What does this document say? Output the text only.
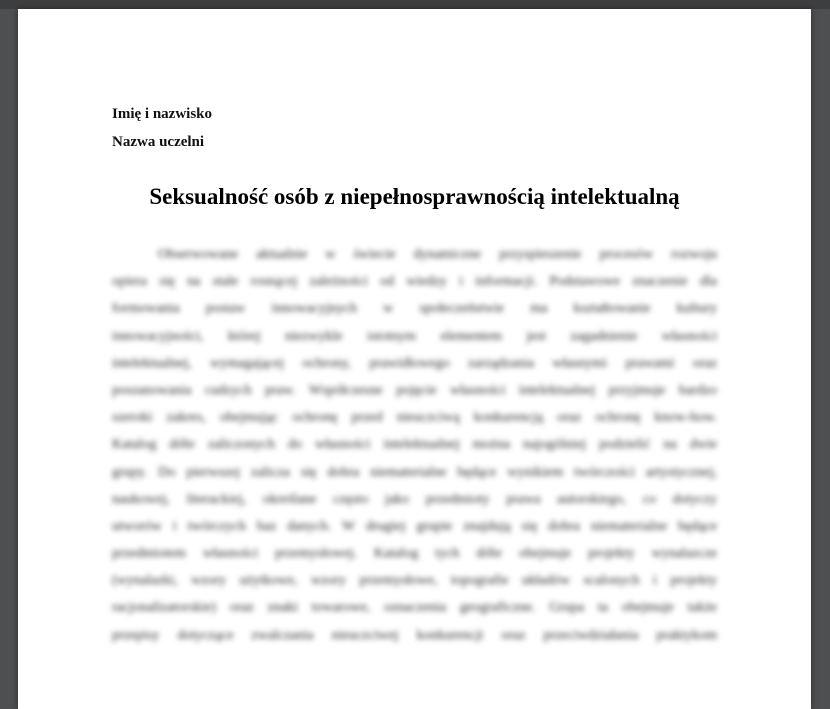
Imię i nazwisko
Nazwa uczelni
Seksualność osób z niepełnosprawnością intelektualną
Obserwowane aktualnie w świecie dynamiczne przyspieszenie procesów rozwoju
opiera się na stale rosnącej zależności od wiedzy i informacji. Podstawowe znaczenie dla
formowania postaw innowacyjnych w społeczeństwie ma kształtowanie kultury
innowacyjności, której niezwykle istotnym elementem jest zagadnienie własności
intelektualnej, wymagającej ochrony, prawidłowego zarządzania własnymi prawami oraz
poszanowania cudzych praw. Współczesne pojęcie własności intelektualnej przyjmuje bardzo
szeroki zakres, obejmując ochronę przed nieuczciwą konkurencją oraz ochronę know-how.
Katalog dóbr zaliczonych do własności intelektualnej można najogólniej podzielić na dwie
grupy. Do pierwszej zalicza się dobra niematerialne będące wynikiem twórczości artystycznej,
naukowej, literackiej, określane często jako przedmioty prawa autorskiego, co dotyczy
utworów i twórczych baz danych. W drugiej grupie znajdują się dobra niematerialne będące
przedmiotem własności przemysłowej. Katalog tych dóbr obejmuje projekty wynalazcze
(wynalazki, wzory użytkowe, wzory przemysłowe, topografie układów scalonych i projekty
racjonalizatorskie) oraz znaki towarowe, oznaczenia geograficzne. Grupa ta obejmuje także
przepisy dotyczące zwalczania nieuczciwej konkurencji oraz przeciwdziałania praktykom
